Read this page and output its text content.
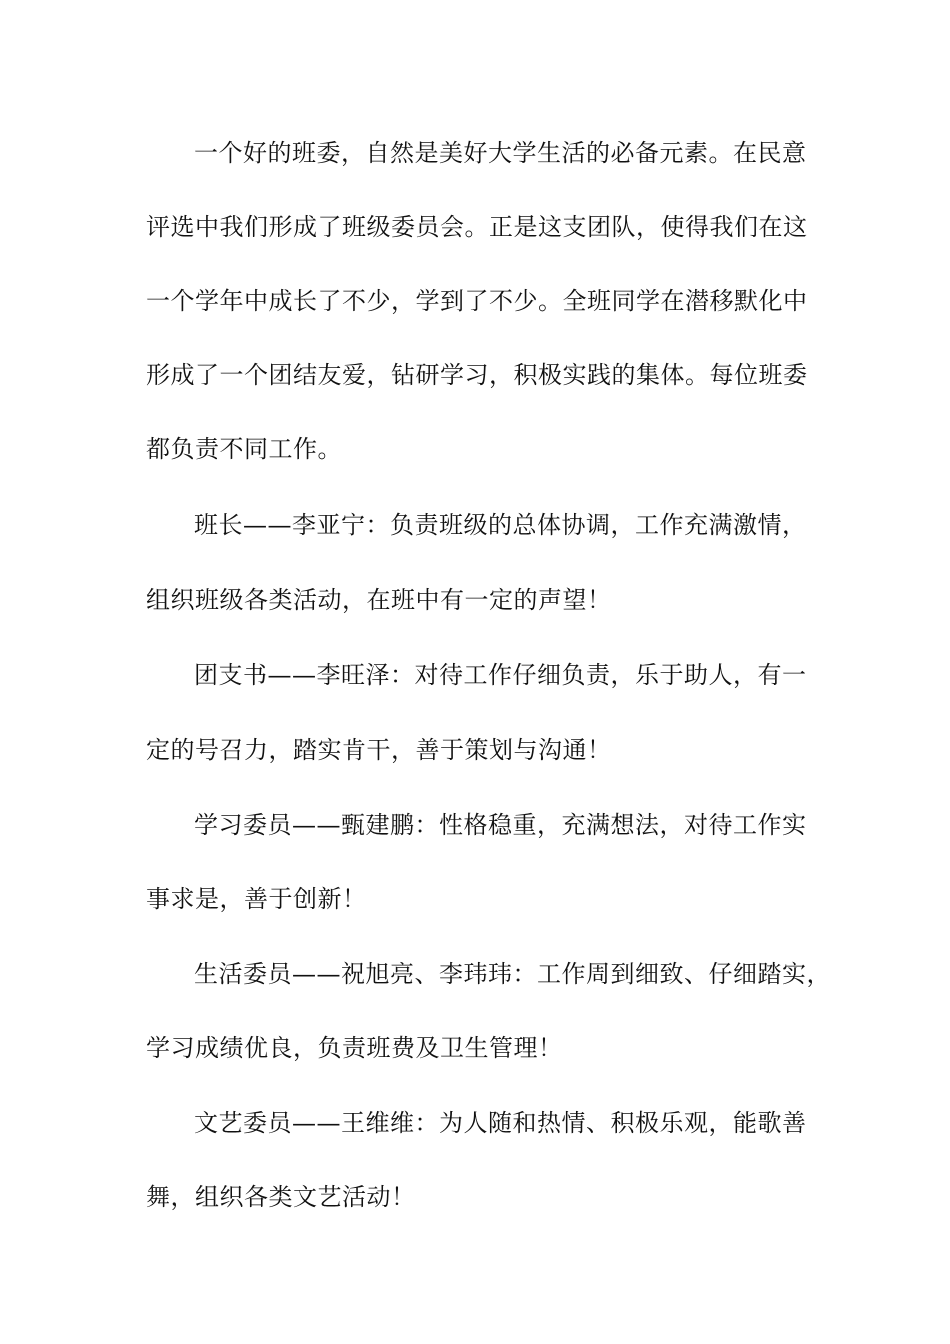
一个好的班委，自然是美好大学生活的必备元素。在民意
评选中我们形成了班级委员会。正是这支团队，使得我们在这
一个学年中成长了不少，学到了不少。全班同学在潜移默化中
形成了一个团结友爱，钻研学习，积极实践的集体。每位班委
都负责不同工作。
班长——李亚宁：负责班级的总体协调，工作充满激情，
组织班级各类活动，在班中有一定的声望！
团支书——李旺泽：对待工作仔细负责，乐于助人，有一
定的号召力，踏实肯干，善于策划与沟通！
学习委员——甄建鹏：性格稳重，充满想法，对待工作实
事求是，善于创新！
生活委员——祝旭亮、李玮玮：工作周到细致、仔细踏实，
学习成绩优良，负责班费及卫生管理！
文艺委员——王维维：为人随和热情、积极乐观，能歌善
舞，组织各类文艺活动！
